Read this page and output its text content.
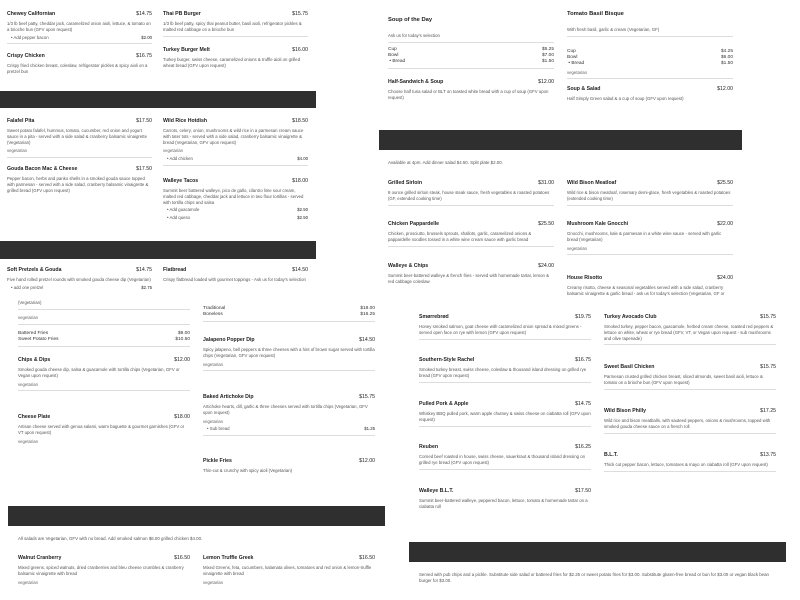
Chewey Californian	$14.75
1/3 lb beef patty, cheddar jack, caramelized onion aioli, lettuce, & tomato on a brioche bun (GFV upon request)
• Add pepper bacon	$2.00
Crispy Chicken	$16.75
Crispy fried chicken breast, coleslaw, refrigerator pickles & spicy aioli on a pretzel bun
Thai PB Burger	$15.75
1/3 lb beef patty, spicy thai peanut butter, basil aioli, refrigerator pickles & malted red cabbage on a brioche bun
Turkey Burger Melt	$16.00
Turkey burger, swiss cheese, caramelized onions & truffle aioli on grilled wheat bread (GFV upon request)
Falafel Pita	$17.50
Sweet potato falafel, hummus, tomato, cucumber, red onion and yogurt sauce in a pita - served with a side salad & cranberry balsamic vinaigrette (Vegetarian)
vegetarian
Gouda Bacon Mac & Cheese	$17.50
Pepper bacon, herbs and panko shells in a smoked gouda sauce topped with parmesan - served with a side salad, cranberry balsamic vinaigrette & grilled bread (GFV upon request)
Wild Rice Hotdish	$18.50
Carrots, celery, onion, mushrooms & wild rice in a parmesan cream sauce with tater tots - served with a side salad, cranberry balsamic vinaigrette & bread (Vegetarian, GFV upon request)
vegetarian
• Add chicken	$4.00
Walleye Tacos	$18.00
Summit beer battered walleye, pico de gallo, cilantro lime sour cream, malted red cabbage, cheddar jack and lettuce in two flour tortillas - served with tortilla chips and salsa
• Add guacamole	$2.50
• Add queso	$2.50
Soft Pretzels & Gouda	$14.75
Five hand rolled pretzel rounds with smoked gouda cheese dip (Vegetarian)
• add one pretzel	$2.75
Flatbread	$14.50
Crispy flatbread loaded with gourmet toppings - Ask us for today's selection
Soup of the Day
Ask us for today's selection
Cup	$5.25
Bowl	$7.00
• Bread	$1.50
Half-Sandwich & Soup	$12.00
Choose half tuna salad or BLT on toasted white bread with a cup of soup (GFV upon request)
Tomato Basil Bisque
With fresh basil, garlic & cream (Vegetarian, GF)
Cup	$4.25
Bowl	$6.00
• Bread	$1.50
vegetarian
Soup & Salad	$12.00
Half Simply Green salad & a cup of soup (GFV upon request)
Available at 4pm. Add dinner salad $4.50. Split plate $2.00.
Grilled Sirloin	$31.00
8 ounce grilled sirloin steak, house steak sauce, fresh vegetables & roasted potatoes (GF, extended cooking time)
Wild Bison Meatloaf	$25.50
Wild rice & bison meatloaf, rosemary demi-glace, fresh vegetables & roasted potatoes (extended cooking time)
Chicken Pappardelle	$25.50
Chicken, prosciutto, brussels sprouts, shallots, garlic, caramelized onions & pappardelle noodles tossed in a white wine cream sauce with garlic bread
Mushroom Kale Gnocchi	$22.00
Gnocchi, mushrooms, kale & parmesan in a white wine sauce - served with garlic bread (Vegetarian)
vegetarian
Walleye & Chips	$24.00
Summit beer-battered walleye & french fries - served with homemade tartar, lemon & red cabbage coleslaw
House Risotto	$24.00
Creamy risotto, cheese & seasonal vegetables served with a side salad, cranberry balsamic vinaigrette & garlic bread - ask us for today's selection (Vegetarian, GF or
(Vegetarian)
vegetarian
Battered Fries	$9.00
Sweet Potato Fries	$10.50
Chips & Dips	$12.00
Smoked gouda cheese dip, salsa & guacamole with tortilla chips (Vegetarian, GFV or Vegan upon request)
vegetarian
Cheese Plate	$18.00
Artisan cheese served with genoa salami, warm baguette & gourmet garnishes (GFV or VT upon request)
vegetarian
Traditional	$18.00
Boneless	$16.25
Jalapeno Popper Dip	$14.50
Spicy jalapeno, bell peppers & three cheeses with a hint of brown sugar served with tortilla chips (Vegetarian, GFV upon request)
vegetarian
Baked Artichoke Dip	$15.75
Artichoke hearts, dill, garlic & three cheeses served with tortilla chips (Vegetarian, GFV upon request)
vegetarian
• Sub bread	$1.25
Pickle Fries	$12.00
Thin-cut & crunchy with spicy aioli (Vegetarian)
All salads are Vegetarian, GFV with no bread. Add smoked salmon $6.00 grilled chicken $4.00.
Walnut Cranberry	$16.50
Mixed greens, spiced walnuts, dried cranberries and bleu cheese crumbles & cranberry balsamic vinaigrette with bread
vegetarian
Lemon Truffle Greek	$16.50
Mixed Greens, feta, cucumbers, kalamata olives, tomatoes and red onion & lemon-truffle vinaigrette with bread
vegetarian
Smørrebrød	$19.75
Honey smoked salmon, goat cheese with caramelized onion spread & mixed greens - served open face on rye with lemon (GFV upon request)
Southern-Style Rachel	$16.75
Smoked turkey breast, swiss cheese, coleslaw & thousand island dressing on grilled rye bread (GFV upon request)
Pulled Pork & Apple	$14.75
Whiskey BBQ pulled pork, warm apple chutney & swiss cheese on ciabatta roll (GFV upon request)
Reuben	$16.25
Corned beef roasted in house, swiss cheese, sauerkraut & thousand island dressing on grilled rye bread (GFV upon request)
Walleye B.L.T.	$17.50
Summit beer-battered walleye, peppered bacon, lettuce, tomato & homemade tartar on a ciabatta roll
Turkey Avocado Club	$15.75
Smoked turkey, pepper bacon, guacamole, herbed cream cheese, roasted red peppers & lettuce on white, wheat or rye bread (GFV, VT, or Vegan upon request - sub mushrooms and olive tapenade)
Sweet Basil Chicken	$15.75
Parmesan crusted grilled chicken breast, sliced almonds, sweet basil aioli, lettuce & tomato on a brioche bun (GFV upon request)
Wild Bison Philly	$17.25
Wild rice and bison meatballs, with sauteed peppers, onions & mushrooms, topped with smoked gouda cheese sauce on a french roll
B.L.T.	$13.75
Thick cut pepper bacon, lettuce, tomatoes & mayo on ciabatta roll (GFV upon request)
Served with pub chips and a pickle. Substitute side salad or battered fries for $2.25 or sweet potato fries for $3.00. Substitute gluten-free bread or bun for $3.00 or vegan black bean burger for $3.00.
